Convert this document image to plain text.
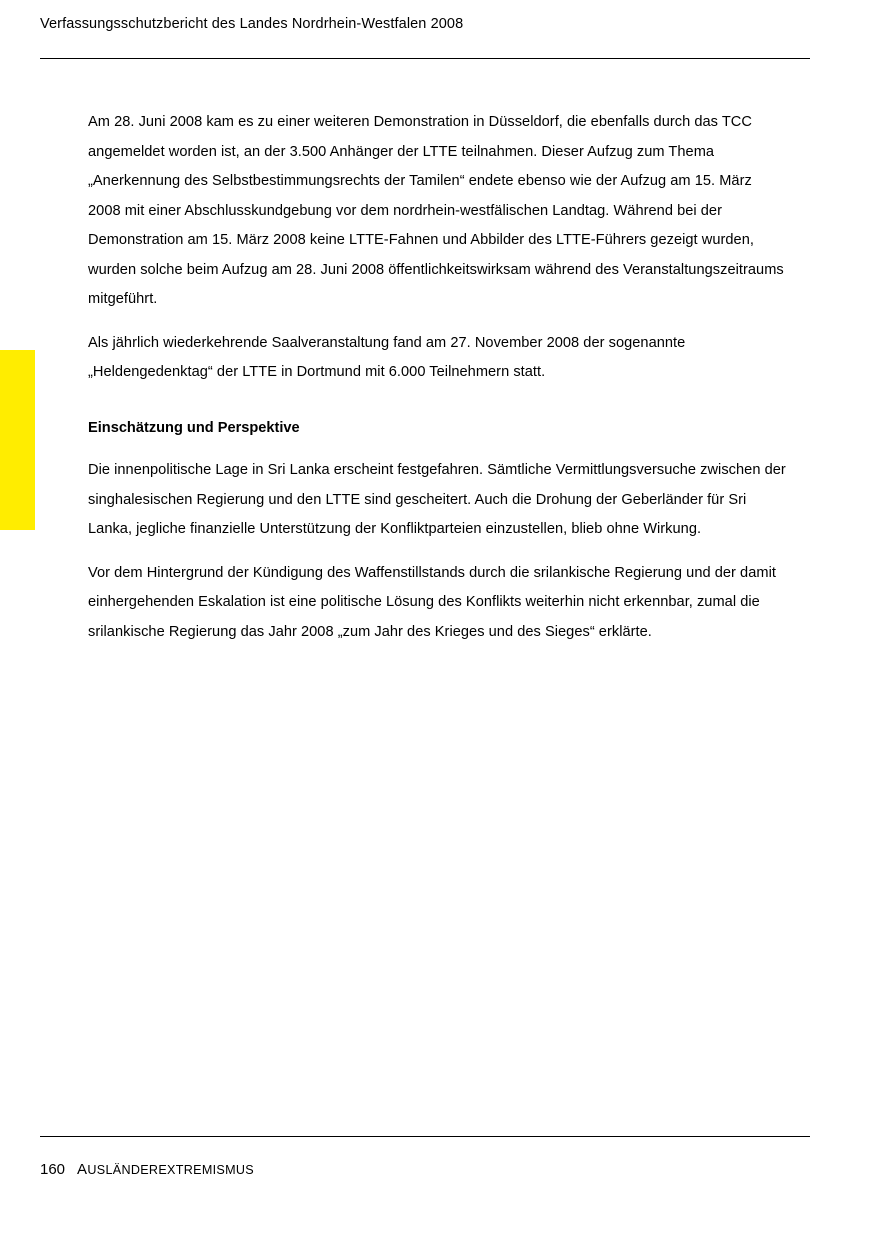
Verfassungsschutzbericht des Landes Nordrhein-Westfalen 2008

Am 28. Juni 2008 kam es zu einer weiteren Demonstration in Düsseldorf, die ebenfalls durch das TCC angemeldet worden ist, an der 3.500 Anhänger der LTTE teilnahmen. Dieser Aufzug zum Thema „Anerkennung des Selbstbestimmungsrechts der Tamilen“ endete ebenso wie der Aufzug am 15. März 2008 mit einer Abschlusskundgebung vor dem nordrhein-westfälischen Landtag. Während bei der Demonstration am 15. März 2008 keine LTTE-Fahnen und Abbilder des LTTE-Führers gezeigt wurden, wurden solche beim Aufzug am 28. Juni 2008 öffentlichkeitswirksam während des Veranstaltungszeitraums mitgeführt.

Als jährlich wiederkehrende Saalveranstaltung fand am 27. November 2008 der sogenannte „Heldengedenktag“ der LTTE in Dortmund mit 6.000 Teilnehmern statt.

Einschätzung und Perspektive

Die innenpolitische Lage in Sri Lanka erscheint festgefahren. Sämtliche Vermittlungsversuche zwischen der singhalesischen Regierung und den LTTE sind gescheitert. Auch die Drohung der Geberländer für Sri Lanka, jegliche finanzielle Unterstützung der Konfliktparteien einzustellen, blieb ohne Wirkung.

Vor dem Hintergrund der Kündigung des Waffenstillstands durch die srilankische Regierung und der damit einhergehenden Eskalation ist eine politische Lösung des Konflikts weiterhin nicht erkennbar, zumal die srilankische Regierung das Jahr 2008 „zum Jahr des Krieges und des Sieges“ erklärte.

160 AUSLÄNDEREXTREMISMUS
